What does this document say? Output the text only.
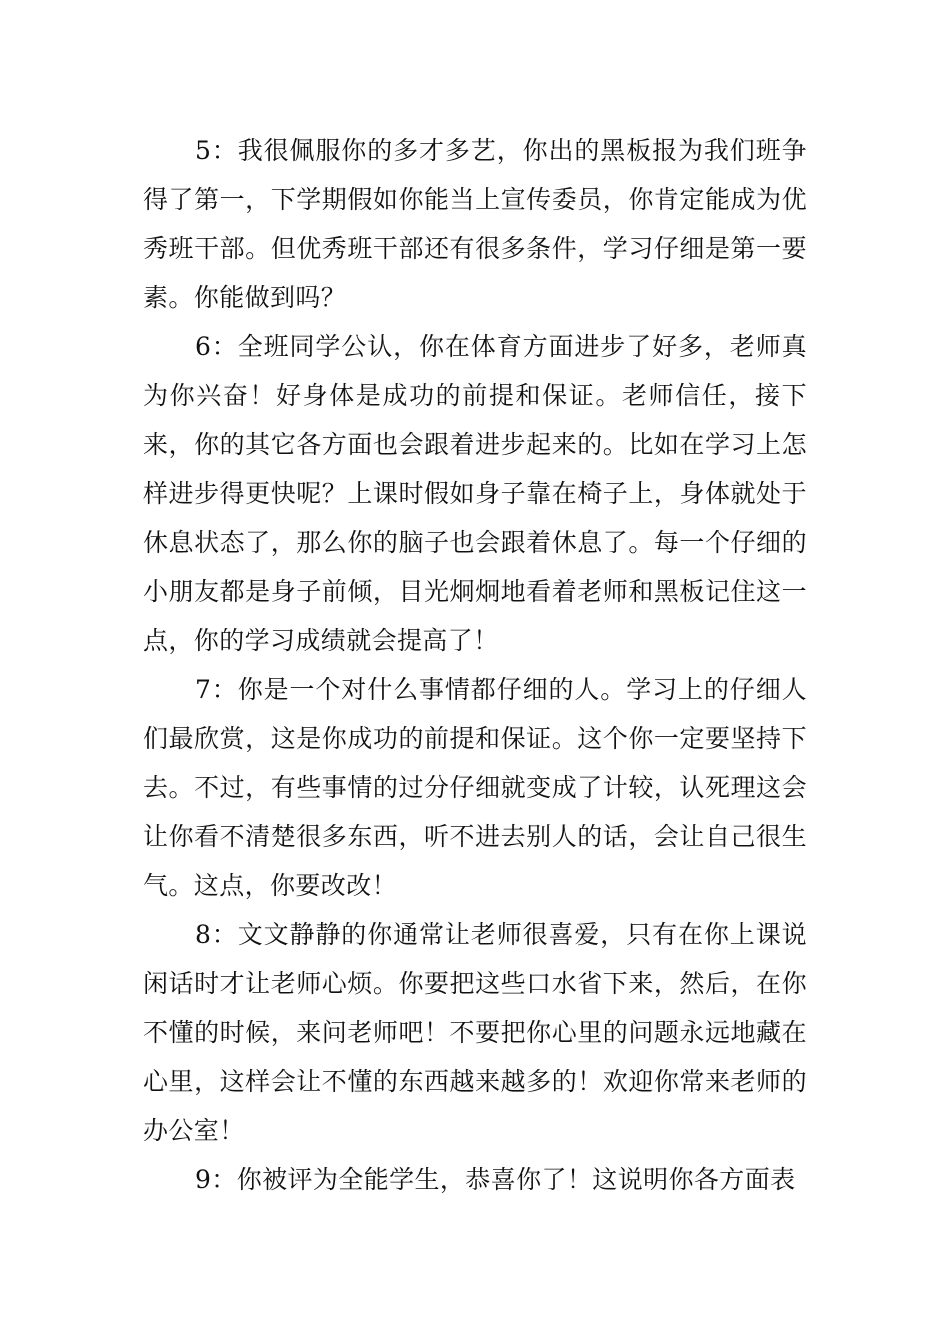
5：我很佩服你的多才多艺，你出的黑板报为我们班争得了第一，下学期假如你能当上宣传委员，你肯定能成为优秀班干部。但优秀班干部还有很多条件，学习仔细是第一要素。你能做到吗？

6：全班同学公认，你在体育方面进步了好多，老师真为你兴奋！好身体是成功的前提和保证。老师信任，接下来，你的其它各方面也会跟着进步起来的。比如在学习上怎样进步得更快呢？上课时假如身子靠在椅子上，身体就处于休息状态了，那么你的脑子也会跟着休息了。每一个仔细的小朋友都是身子前倾，目光炯炯地看着老师和黑板记住这一点，你的学习成绩就会提高了！

7：你是一个对什么事情都仔细的人。学习上的仔细人们最欣赏，这是你成功的前提和保证。这个你一定要坚持下去。不过，有些事情的过分仔细就变成了计较，认死理这会让你看不清楚很多东西，听不进去别人的话，会让自己很生气。这点，你要改改！

8：文文静静的你通常让老师很喜爱，只有在你上课说闲话时才让老师心烦。你要把这些口水省下来，然后，在你不懂的时候，来问老师吧！不要把你心里的问题永远地藏在心里，这样会让不懂的东西越来越多的！欢迎你常来老师的办公室！

9：你被评为全能学生，恭喜你了！这说明你各方面表
